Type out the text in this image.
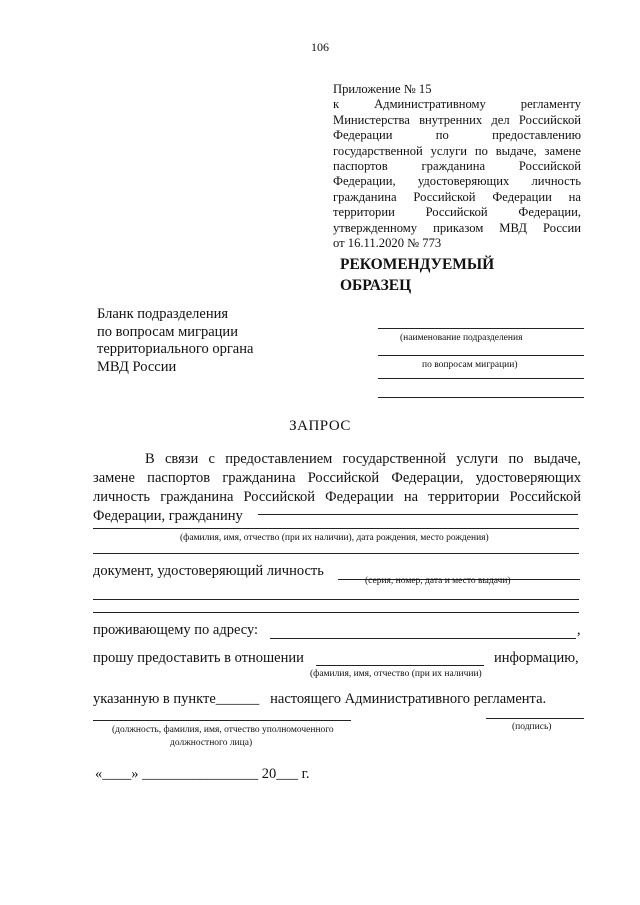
106
Приложение № 15
к Административному регламенту
Министерства внутренних дел Российской
Федерации по предоставлению
государственной услуги по выдаче, замене
паспортов гражданина Российской
Федерации, удостоверяющих личность
гражданина Российской Федерации на
территории Российской Федерации,
утвержденному приказом МВД России
от 16.11.2020 № 773
РЕКОМЕНДУЕМЫЙ
ОБРАЗЕЦ
Бланк подразделения
по вопросам миграции
территориального органа
МВД России
(наименование подразделения
по вопросам миграции)
ЗАПРОС
В связи с предоставлением государственной услуги по выдаче,
замене паспортов гражданина Российской Федерации, удостоверяющих
личность гражданина Российской Федерации на территории Российской
Федерации, гражданину
(фамилия, имя, отчество (при их наличии), дата рождения, место рождения)
документ, удостоверяющий личность
(серия, номер, дата и место выдачи)
проживающему по адресу:	,
прошу предоставить в отношении	информацию,
(фамилия, имя, отчество (при их наличии)
указанную в пункте______ настоящего Административного регламента.
(должность, фамилия, имя, отчество уполномоченного
должностного лица)
(подпись)
«____» ________________ 20___ г.
